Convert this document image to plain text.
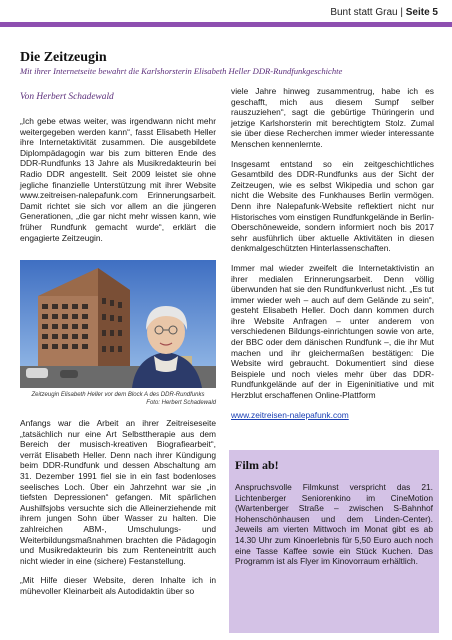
Bunt statt Grau | Seite 5
Die Zeitzeugin
Mit ihrer Internetseite bewahrt die Karlshorsterin Elisabeth Heller DDR-Rundfunkgeschichte
Von Herbert Schadewald

„Ich gebe etwas weiter, was irgendwann nicht mehr weitergegeben werden kann“, fasst Elisabeth Heller ihre Internetaktivität zusammen. Die ausgebildete Diplompädagogin war bis zum bitteren Ende des DDR-Rundfunks 13 Jahre als Musikredakteurin bei Radio DDR angestellt. Seit 2009 leistet sie ohne jegliche finanzielle Unterstützung mit ihrer Website www.zeitreisen-nalepafunk.com Erinnerungsarbeit. Damit richtet sie sich vor allem an die jüngeren Generationen, „die gar nicht mehr wissen kann, wie früher Rundfunk gemacht wurde“, erklärt die engagierte Zeitzeugin.

Zeitzeugin Elisabeth Heller vor dem Block A des DDR-Rundfunks
Foto: Herbert Schadewald

Anfangs war die Arbeit an ihrer Zeitreiseseite „tatsächlich nur eine Art Selbsttherapie aus dem Bereich der musisch-kreativen Biografiearbeit“, verrät Elisabeth Heller. Denn nach ihrer Kündigung beim DDR-Rundfunk und dessen Abschaltung am 31. Dezember 1991 fiel sie in ein fast bodenloses seelisches Loch. Über ein Jahrzehnt war sie „in tiefsten Depressionen“ gefangen. Mit spärlichen Aushilfsjobs versuchte sich die Alleinerziehende mit ihrem jungen Sohn über Wasser zu halten. Die zahlreichen ABM-, Umschulungs- und Weiterbildungsmaßnahmen brachten die Pädagogin und Musikredakteurin bis zum Renteneintritt auch nicht wieder in eine (sichere) Festanstellung.

„Mit Hilfe dieser Website, deren Inhalte ich in mühevoller Kleinarbeit als Autodidaktin über so

viele Jahre hinweg zusammentrug, habe ich es geschafft, mich aus diesem Sumpf selber rauszuziehen“, sagt die gebürtige Thüringerin und jetzige Karlshorsterin mit berechtigtem Stolz. Zumal sie über diese Recherchen immer wieder interessante Menschen kennenlernte.

Insgesamt entstand so ein zeitgeschichtliches Gesamtbild des DDR-Rundfunks aus der Sicht der Zeitzeugen, wie es selbst Wikipedia und schon gar nicht die Website des Funkhauses Berlin vermögen. Denn ihre Nalepafunk-Website reflektiert nicht nur Historisches vom einstigen Rundfunkgelände in Berlin-Oberschöneweide, sondern informiert noch bis 2017 sehr ausführlich über aktuelle Aktivitäten in diesen denkmalgeschützten Hinterlassenschaften.

Immer mal wieder zweifelt die Internetaktivistin an ihrer medialen Erinnerungsarbeit. Denn völlig überwunden hat sie den Rundfunkverlust nicht. „Es tut immer wieder weh – auch auf dem Gelände zu sein“, gesteht Elisabeth Heller. Doch dann kommen durch ihre Website Anfragen – unter anderem von verschiedenen Bildungs-einrichtungen sowie von arte, der BBC oder dem dänischen Rundfunk –, die ihr Mut machen und ihr gleichermaßen bestätigen: Die Website wird gebraucht. Dokumentiert sind diese Beispiele und noch vieles mehr über das DDR-Rundfunkgelände auf der in Eigeninitiative und mit Herzblut erschaffenen Online-Plattform

www.zeitreisen-nalepafunk.com

Film ab!

Anspruchsvolle Filmkunst verspricht das 21. Lichtenberger Seniorenkino im CineMotion (Wartenberger Straße – zwischen S-Bahnhof Hohenschönhausen und dem Linden-Center). Jeweils am vierten Mittwoch im Monat gibt es ab 14.30 Uhr zum Kinoerlebnis für 5,50 Euro auch noch eine Tasse Kaffee sowie ein Stück Kuchen. Das Programm ist als Flyer im Kinovorraum erhältlich.
